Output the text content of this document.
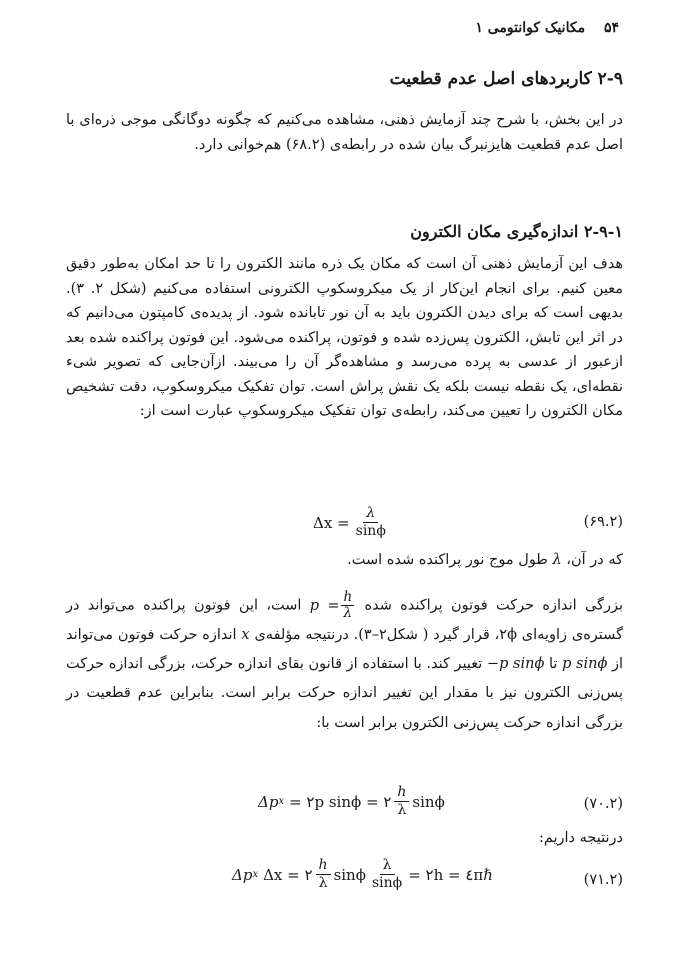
۵۴ مکانیک کوانتومی ۱
۲-۹ کاربردهای اصل عدم قطعیت
در این بخش، با شرح چند آزمایش ذهنی، مشاهده می‌کنیم که چگونه دوگانگی موجی ذره‌ای با اصل عدم قطعیت هایزنبرگ بیان شده در رابطه‌ی (۶۸.۲) هم‌خوانی دارد.
۲-۹-۱ اندازه‌گیری مکان الکترون
هدف این آزمایش ذهنی آن است که مکان یک ذره مانند الکترون را تا حد امکان به‌طور دقیق معین کنیم. برای انجام این‌کار از یک میکروسکوپ الکترونی استفاده می‌کنیم (شکل ۲. ۳). بدیهی است که برای دیدن الکترون باید به آن نور تابانده شود. از پدیده‌ی کامپتون می‌دانیم که در اثر این تابش، الکترون پس‌زده شده و فوتون، پراکنده می‌شود. این فوتون پراکنده شده بعد ازعبور از عدسی به پرده می‌رسد و مشاهده‌گر آن را می‌بیند. ازآن‌جایی که تصویر شیء نقطه‌ای، یک نقطه نیست بلکه یک نقش پراش است. توان تفکیک میکروسکوپ، دقت تشخیص مکان الکترون را تعیین می‌کند، رابطه‌ی توان تفکیک میکروسکوپ عبارت است از:
(۶۹.۲)
$\Delta x = \frac{\lambda}{\sin\phi}$
که در آن، λ طول موج نور پراکنده شده است.
بزرگی اندازه حرکت فوتون پراکنده شده $p = \frac{h}{\lambda}$
است، این فوتون پراکنده می‌تواند در گستره‌ی زاویه‌ای ۲ϕ، قرار گیرد ( شکل۲–۳). درنتیجه مؤلفه‌ی x اندازه حرکت فوتون می‌تواند از p sinϕ تا −p sinϕ تغییر کند. با استفاده از قانون بقای اندازه حرکت، بزرگی اندازه حرکت پس‌زنی الکترون نیز با مقدار این تغییر اندازه حرکت برابر است. بنابراین عدم قطعیت در بزرگی اندازه حرکت پس‌زنی الکترون برابر است با:
(۷۰.۲)
Δp x = ۲p sinϕ = ۲ $\frac{h}{\lambda}$ sinϕ
درنتیجه داریم:
(۷۱.۲)
Δp x Δx = ۲ $\frac{h}{\lambda}$ sinϕ $\frac{\lambda}{\sin\phi}$ = ۲h = ٤πℏ
